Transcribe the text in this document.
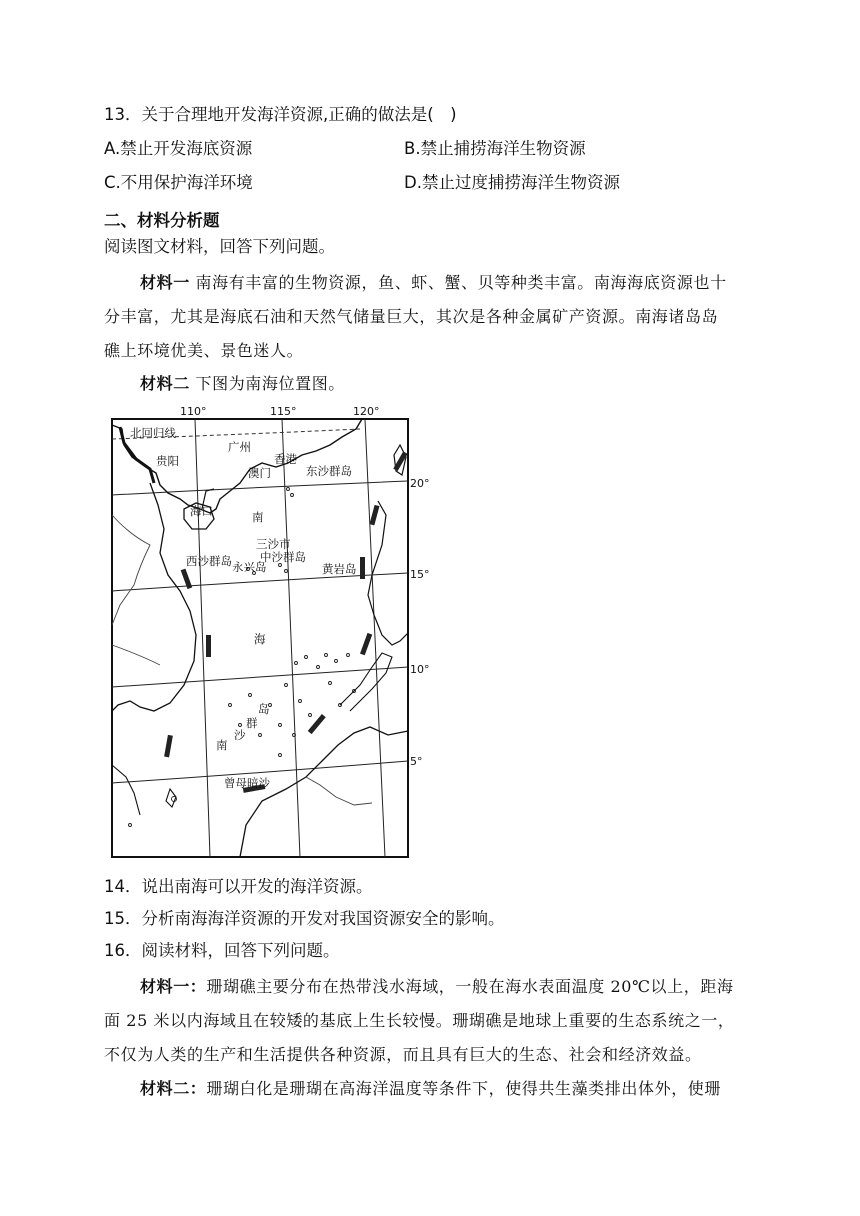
13．关于合理地开发海洋资源,正确的做法是(　)
A.禁止开发海底资源	B.禁止捕捞海洋生物资源
C.不用保护海洋环境	D.禁止过度捕捞海洋生物资源
二、材料分析题
阅读图文材料，回答下列问题。
材料一 南海有丰富的生物资源，鱼、虾、蟹、贝等种类丰富。南海海底资源也十
分丰富，尤其是海底石油和天然气储量巨大，其次是各种金属矿产资源。南海诸岛岛
礁上环境优美、景色迷人。
材料二 下图为南海位置图。
110°	115°	120°
20°
15°
10°
5°
北回归线
贵阳
广州
香港
澳门	东沙群岛
海口	南
三沙市
中沙群岛
西沙群岛 永兴岛	黄岩岛
海
南
沙
群
岛
曾母暗沙
14．说出南海可以开发的海洋资源。
15．分析南海海洋资源的开发对我国资源安全的影响。
16．阅读材料，回答下列问题。
材料一：珊瑚礁主要分布在热带浅水海域，一般在海水表面温度 20℃以上，距海
面 25 米以内海域且在较矮的基底上生长较慢。珊瑚礁是地球上重要的生态系统之一，
不仅为人类的生产和生活提供各种资源，而且具有巨大的生态、社会和经济效益。
材料二：珊瑚白化是珊瑚在高海洋温度等条件下，使得共生藻类排出体外，使珊
